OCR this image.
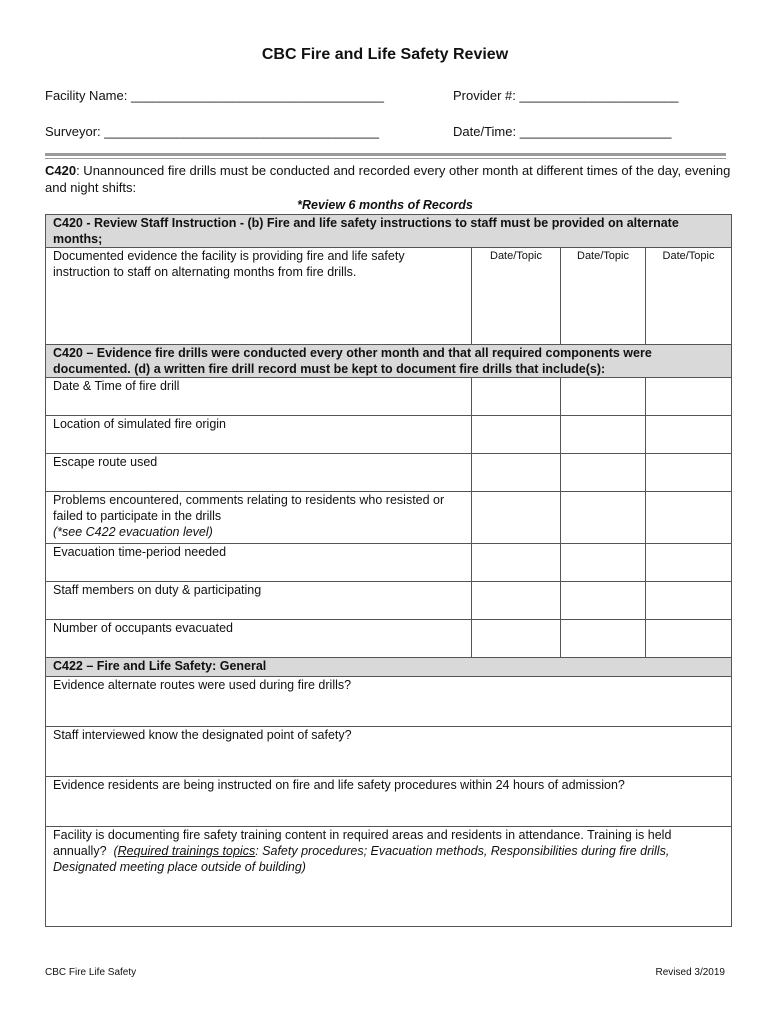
CBC Fire and Life Safety Review
Facility Name: ___________________________________	Provider #: ______________________
Surveyor: ______________________________________	Date/Time: _____________________
C420: Unannounced fire drills must be conducted and recorded every other month at different times of the day, evening and night shifts:
*Review 6 months of Records
C420 - Review Staff Instruction - (b) Fire and life safety instructions to staff must be provided on alternate months;			
Documented evidence the facility is providing fire and life safety instruction to staff on alternating months from fire drills.	Date/Topic	Date/Topic	Date/Topic
C420 – Evidence fire drills were conducted every other month and that all required components were documented. (d) a written fire drill record must be kept to document fire drills that include(s):			
Date & Time of fire drill			
Location of simulated fire origin			
Escape route used			
Problems encountered, comments relating to residents who resisted or failed to participate in the drills
(*see C422 evacuation level)			
Evacuation time-period needed			
Staff members on duty & participating			
Number of occupants evacuated			
C422 – Fire and Life Safety: General			
Evidence alternate routes were used during fire drills?			
Staff interviewed know the designated point of safety?			
Evidence residents are being instructed on fire and life safety procedures within 24 hours of admission?			
Facility is documenting fire safety training content in required areas and residents in attendance. Training is held annually? (Required trainings topics: Safety procedures; Evacuation methods, Responsibilities during fire drills, Designated meeting place outside of building)			
CBC Fire Life Safety	Revised 3/2019
